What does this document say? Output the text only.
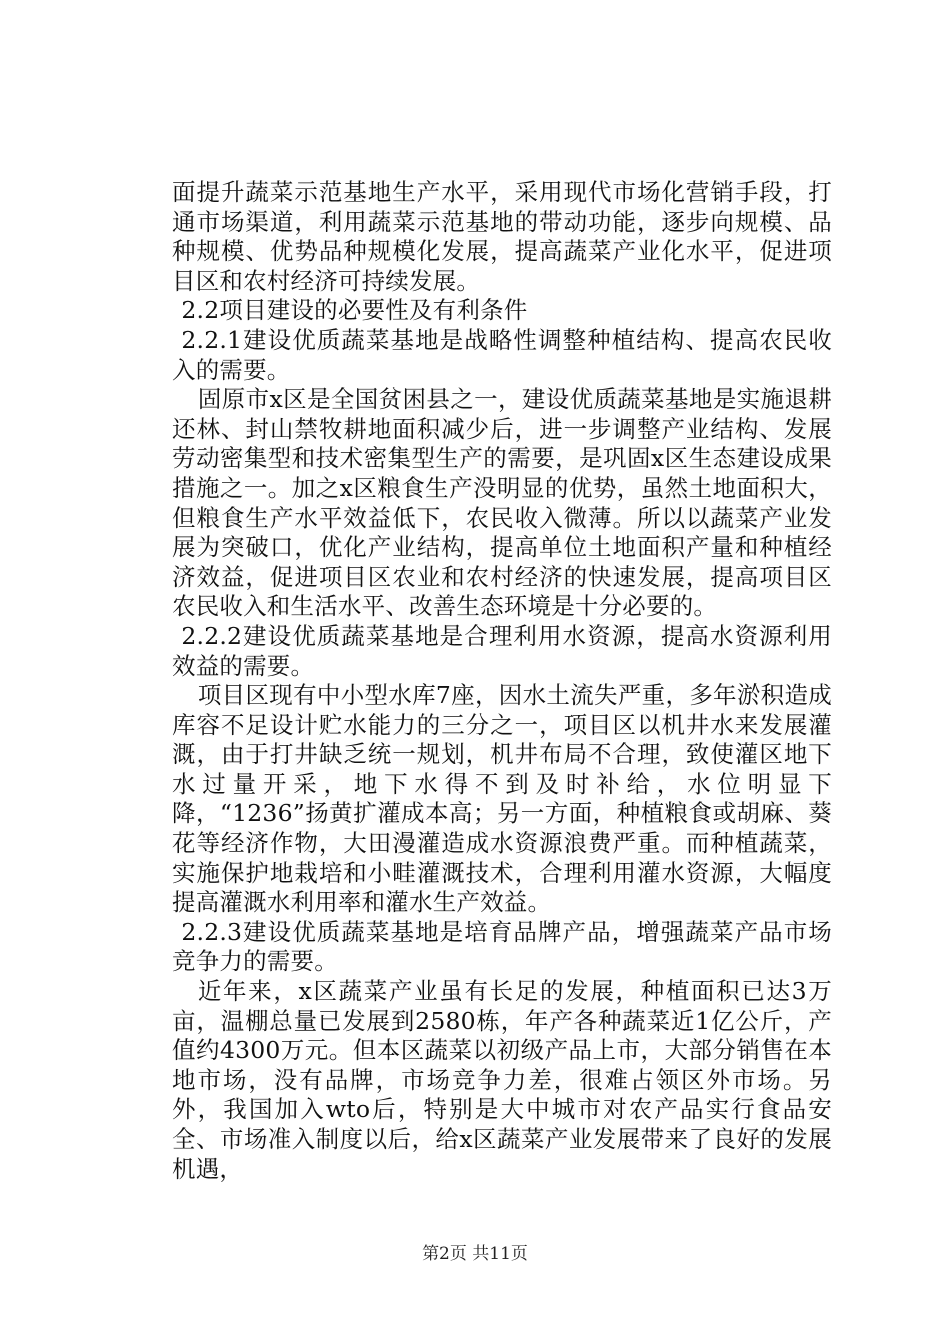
面提升蔬菜示范基地生产水平，采用现代市场化营销手段，打通市场渠道，利用蔬菜示范基地的带动功能，逐步向规模、品种规模、优势品种规模化发展，提高蔬菜产业化水平，促进项目区和农村经济可持续发展。

2.2项目建设的必要性及有利条件

2.2.1建设优质蔬菜基地是战略性调整种植结构、提高农民收入的需要。

固原市x区是全国贫困县之一，建设优质蔬菜基地是实施退耕还林、封山禁牧耕地面积减少后，进一步调整产业结构、发展劳动密集型和技术密集型生产的需要，是巩固x区生态建设成果措施之一。加之x区粮食生产没明显的优势，虽然土地面积大，但粮食生产水平效益低下，农民收入微薄。所以以蔬菜产业发展为突破口，优化产业结构，提高单位土地面积产量和种植经济效益，促进项目区农业和农村经济的快速发展，提高项目区农民收入和生活水平、改善生态环境是十分必要的。

2.2.2建设优质蔬菜基地是合理利用水资源，提高水资源利用效益的需要。

项目区现有中小型水库7座，因水土流失严重，多年淤积造成库容不足设计贮水能力的三分之一，项目区以机井水来发展灌溉，由于打井缺乏统一规划，机井布局不合理，致使灌区地下水过量开采，地下水得不到及时补给，水位明显下降，“1236”扬黄扩灌成本高；另一方面，种植粮食或胡麻、葵花等经济作物，大田漫灌造成水资源浪费严重。而种植蔬菜，实施保护地栽培和小畦灌溉技术，合理利用灌水资源，大幅度提高灌溉水利用率和灌水生产效益。

2.2.3建设优质蔬菜基地是培育品牌产品，增强蔬菜产品市场竞争力的需要。

近年来，x区蔬菜产业虽有长足的发展，种植面积已达3万亩，温棚总量已发展到2580栋，年产各种蔬菜近1亿公斤，产值约4300万元。但本区蔬菜以初级产品上市，大部分销售在本地市场，没有品牌，市场竞争力差，很难占领区外市场。另外，我国加入wto后，特别是大中城市对农产品实行食品安全、市场准入制度以后，给x区蔬菜产业发展带来了良好的发展机遇，

第2页 共11页
